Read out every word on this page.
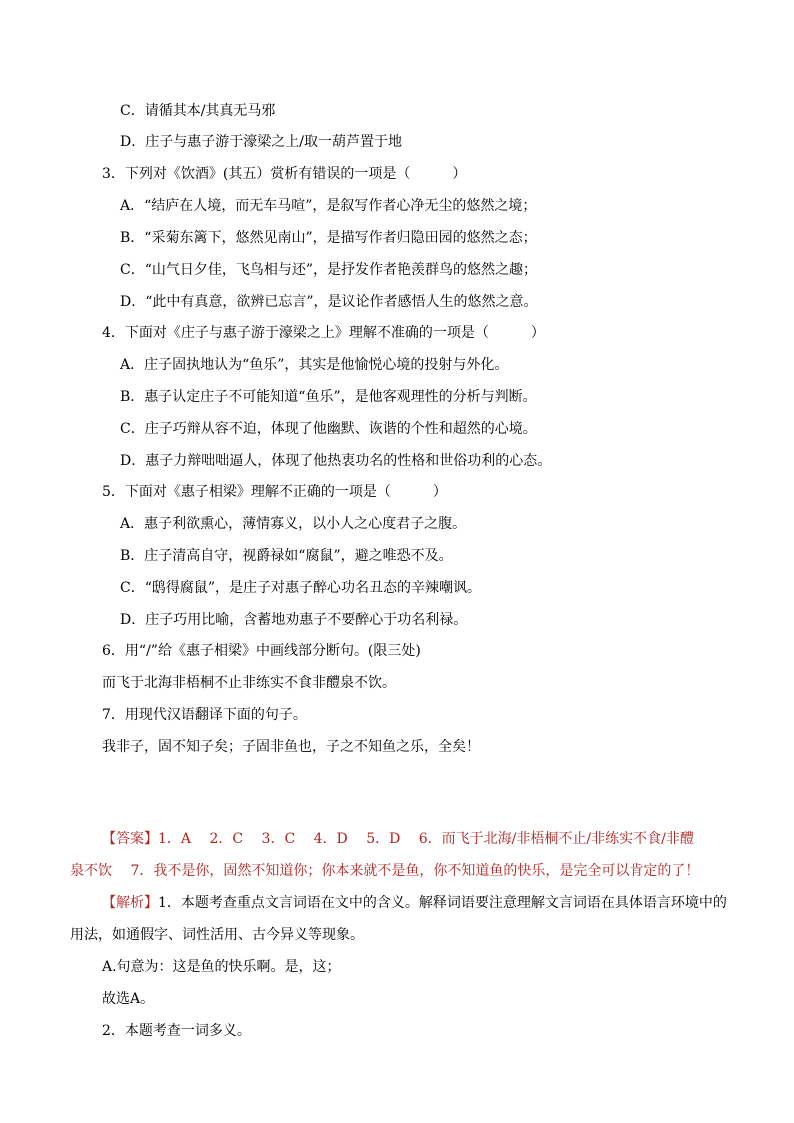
C．请循其本/其真无马邪
D．庄子与惠子游于濠梁之上/取一葫芦置于地
3．下列对《饮酒》(其五）赏析有错误的一项是（　　　）
A．“结庐在人境，而无车马喧”，是叙写作者心净无尘的悠然之境；
B．“采菊东篱下，悠然见南山”，是描写作者归隐田园的悠然之态；
C．“山气日夕佳，飞鸟相与还”，是抒发作者艳羡群鸟的悠然之趣；
D．“此中有真意，欲辨已忘言”，是议论作者感悟人生的悠然之意。
4．下面对《庄子与惠子游于濠梁之上》理解不准确的一项是（　　　）
A．庄子固执地认为“鱼乐”，其实是他愉悦心境的投射与外化。
B．惠子认定庄子不可能知道“鱼乐”，是他客观理性的分析与判断。
C．庄子巧辩从容不迫，体现了他幽默、诙谐的个性和超然的心境。
D．惠子力辩咄咄逼人，体现了他热衷功名的性格和世俗功利的心态。
5．下面对《惠子相梁》理解不正确的一项是（　　　）
A．惠子利欲熏心，薄情寡义，以小人之心度君子之腹。
B．庄子清高自守，视爵禄如“腐鼠”，避之唯恐不及。
C．“鸱得腐鼠”，是庄子对惠子醉心功名丑态的辛辣嘲讽。
D．庄子巧用比喻，含蓄地劝惠子不要醉心于功名利禄。
6．用“/”给《惠子相梁》中画线部分断句。(限三处)
而飞于北海非梧桐不止非练实不食非醴泉不饮。
7．用现代汉语翻译下面的句子。
我非子，固不知子矣；子固非鱼也，子之不知鱼之乐，全矣！
【答案】1．A　 2．C　 3．C　 4．D　 5．D　 6．而飞于北海/非梧桐不止/非练实不食/非醴
泉不饮　 7．我不是你，固然不知道你；你本来就不是鱼，你不知道鱼的快乐，是完全可以肯定的了！
【解析】1．本题考查重点文言词语在文中的含义。解释词语要注意理解文言词语在具体语言环境中的
用法，如通假字、词性活用、古今异义等现象。
A.句意为：这是鱼的快乐啊。是，这；
故选A。
2．本题考查一词多义。
